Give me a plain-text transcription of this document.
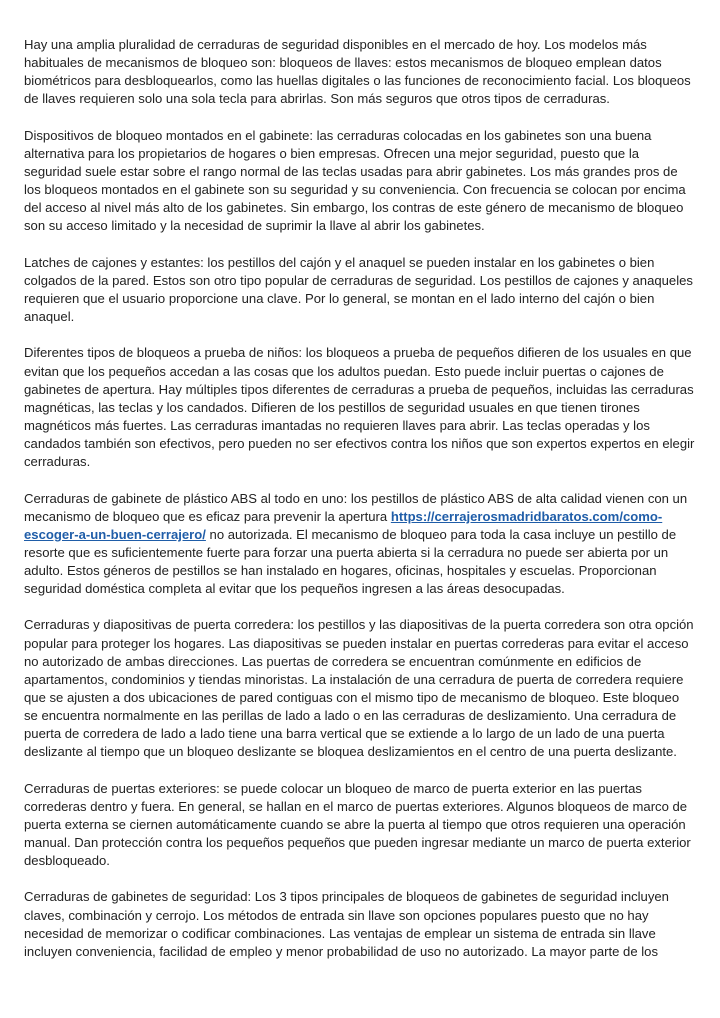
Hay una amplia pluralidad de cerraduras de seguridad disponibles en el mercado de hoy. Los modelos más habituales de mecanismos de bloqueo son: bloqueos de llaves: estos mecanismos de bloqueo emplean datos biométricos para desbloquearlos, como las huellas digitales o las funciones de reconocimiento facial. Los bloqueos de llaves requieren solo una sola tecla para abrirlas. Son más seguros que otros tipos de cerraduras.

Dispositivos de bloqueo montados en el gabinete: las cerraduras colocadas en los gabinetes son una buena alternativa para los propietarios de hogares o bien empresas. Ofrecen una mejor seguridad, puesto que la seguridad suele estar sobre el rango normal de las teclas usadas para abrir gabinetes. Los más grandes pros de los bloqueos montados en el gabinete son su seguridad y su conveniencia. Con frecuencia se colocan por encima del acceso al nivel más alto de los gabinetes. Sin embargo, los contras de este género de mecanismo de bloqueo son su acceso limitado y la necesidad de suprimir la llave al abrir los gabinetes.

Latches de cajones y estantes: los pestillos del cajón y el anaquel se pueden instalar en los gabinetes o bien colgados de la pared. Estos son otro tipo popular de cerraduras de seguridad. Los pestillos de cajones y anaqueles requieren que el usuario proporcione una clave. Por lo general, se montan en el lado interno del cajón o bien anaquel.

Diferentes tipos de bloqueos a prueba de niños: los bloqueos a prueba de pequeños difieren de los usuales en que evitan que los pequeños accedan a las cosas que los adultos puedan. Esto puede incluir puertas o cajones de gabinetes de apertura. Hay múltiples tipos diferentes de cerraduras a prueba de pequeños, incluidas las cerraduras magnéticas, las teclas y los candados. Difieren de los pestillos de seguridad usuales en que tienen tirones magnéticos más fuertes. Las cerraduras imantadas no requieren llaves para abrir. Las teclas operadas y los candados también son efectivos, pero pueden no ser efectivos contra los niños que son expertos expertos en elegir cerraduras.

Cerraduras de gabinete de plástico ABS al todo en uno: los pestillos de plástico ABS de alta calidad vienen con un mecanismo de bloqueo que es eficaz para prevenir la apertura https://cerrajerosmadridbaratos.com/como-escoger-a-un-buen-cerrajero/ no autorizada. El mecanismo de bloqueo para toda la casa incluye un pestillo de resorte que es suficientemente fuerte para forzar una puerta abierta si la cerradura no puede ser abierta por un adulto. Estos géneros de pestillos se han instalado en hogares, oficinas, hospitales y escuelas. Proporcionan seguridad doméstica completa al evitar que los pequeños ingresen a las áreas desocupadas.

Cerraduras y diapositivas de puerta corredera: los pestillos y las diapositivas de la puerta corredera son otra opción popular para proteger los hogares. Las diapositivas se pueden instalar en puertas correderas para evitar el acceso no autorizado de ambas direcciones. Las puertas de corredera se encuentran comúnmente en edificios de apartamentos, condominios y tiendas minoristas. La instalación de una cerradura de puerta de corredera requiere que se ajusten a dos ubicaciones de pared contiguas con el mismo tipo de mecanismo de bloqueo. Este bloqueo se encuentra normalmente en las perillas de lado a lado o en las cerraduras de deslizamiento. Una cerradura de puerta de corredera de lado a lado tiene una barra vertical que se extiende a lo largo de un lado de una puerta deslizante al tiempo que un bloqueo deslizante se bloquea deslizamientos en el centro de una puerta deslizante.

Cerraduras de puertas exteriores: se puede colocar un bloqueo de marco de puerta exterior en las puertas correderas dentro y fuera. En general, se hallan en el marco de puertas exteriores. Algunos bloqueos de marco de puerta externa se ciernen automáticamente cuando se abre la puerta al tiempo que otros requieren una operación manual. Dan protección contra los pequeños pequeños que pueden ingresar mediante un marco de puerta exterior desbloqueado.

Cerraduras de gabinetes de seguridad: Los 3 tipos principales de bloqueos de gabinetes de seguridad incluyen claves, combinación y cerrojo. Los métodos de entrada sin llave son opciones populares puesto que no hay necesidad de memorizar o codificar combinaciones. Las ventajas de emplear un sistema de entrada sin llave incluyen conveniencia, facilidad de empleo y menor probabilidad de uso no autorizado. La mayor parte de los
